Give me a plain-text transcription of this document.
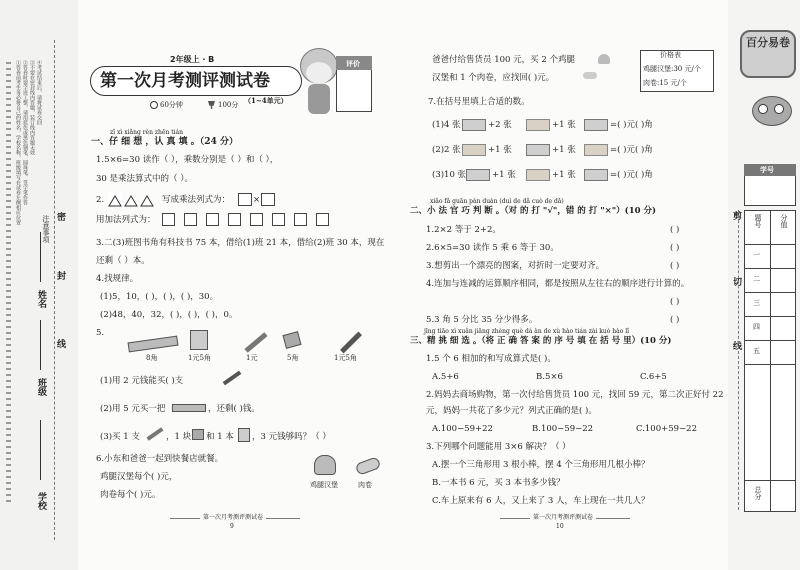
①答卷前考生务必将自己的姓名，学校名称，班级填写在试卷左侧相应位置 ②答卷时要字迹工整，请用蓝色或黑色钢笔、圆珠笔、签字笔作答 ③不要在密封线内答题，装订线内答题无效 ④考试结束后，请将试卷交回
注意事项
学校
班级
姓名
密
封
线
2年级上 · B
第一次月考测评测试卷
（1~4单元）
60分钟	100分
评价
zǐ xì xiǎng rèn zhēn tián
一、仔 细 想 ，认 真 填 。（24 分）
1.5×6=30 读作（ ），乘数分别是（ ）和（ ），
30 是乘法算式中的（ ）。
2.	写成乘法列式为：	×
用加法列式为：
3.二(3)班图书角有科技书 75 本，借给(1)班 21 本，借给(2)班 30 本，现在
还剩（ ）本。
4.找规律。
(1)5，10，( )，( )，( )，30。
(2)48，40，32，( )，( )，( )，0。
5.
8角	1元5角	1元	5角	1元5角
(1)用 2 元钱能买( )支
(2)用 5 元买一把	，还剩( )钱。
(3)买 1 支	，1 块 和 1 本 ，3 元钱够吗？（ ）
6.小东和爸爸一起到快餐店就餐。
鸡腿汉堡每个( )元，
肉卷每个( )元。
鸡腿汉堡	肉卷
第一次月考测评测试卷
9
爸爸付给售货员 100 元，买 2 个鸡腿
汉堡和 1 个肉卷，应找回( )元。
价格表
鸡腿汉堡:30 元/个
肉卷:15 元/个
7.在括号里填上合适的数。
(1)4 张	+2 张	+1 张	=( )元( )角
(2)2 张	+1 张	+1 张	=( )元( )角
(3)10 张	+1 张	+1 张	=( )元( )角
xiǎo fǎ guān pàn duàn (duì de dǎ cuò de dǎ)
二、小 法 官 巧 判 断 。（对 的 打 "√"，错 的 打 "×"）(10 分)
1.2×2 等于 2+2。	( )
2.6×5=30 读作 5 乘 6 等于 30。	( )
3.想剪出一个漂亮的图案，对折时一定要对齐。	( )
4.连加与连减的运算顺序相同，都是按照从左往右的顺序进行计算的。
( )
5.3 角 5 分比 35 分少得多。	( )
jīng tiāo xì xuǎn jiāng zhèng què dá àn de xù hào tián zài kuò hào lǐ
三、精 挑 细 选 。（将 正 确 答 案 的 序 号 填 在 括 号 里）(10 分)
1.5 个 6 相加的和写成算式是( )。
A.5+6	B.5×6	C.6+5
2.妈妈去商场购物，第一次付给售货员 100 元，找回 59 元，第二次正好付 22
元，妈妈一共花了多少元？列式正确的是( )。
A.100−59+22	B.100−59−22	C.100+59−22
3.下列哪个问题能用 3×6 解决？（ ）
A.摆一个三角形用 3 根小棒，摆 4 个三角形用几根小棒？
B.一本书 6 元，买 3 本书多少钱？
C.车上原来有 6 人，又上来了 3 人，车上现在一共几人？
第一次月考测评测试卷
10
百分易卷
学号
剪
切
线
题号	分值
一
二
三
四
五
总分
